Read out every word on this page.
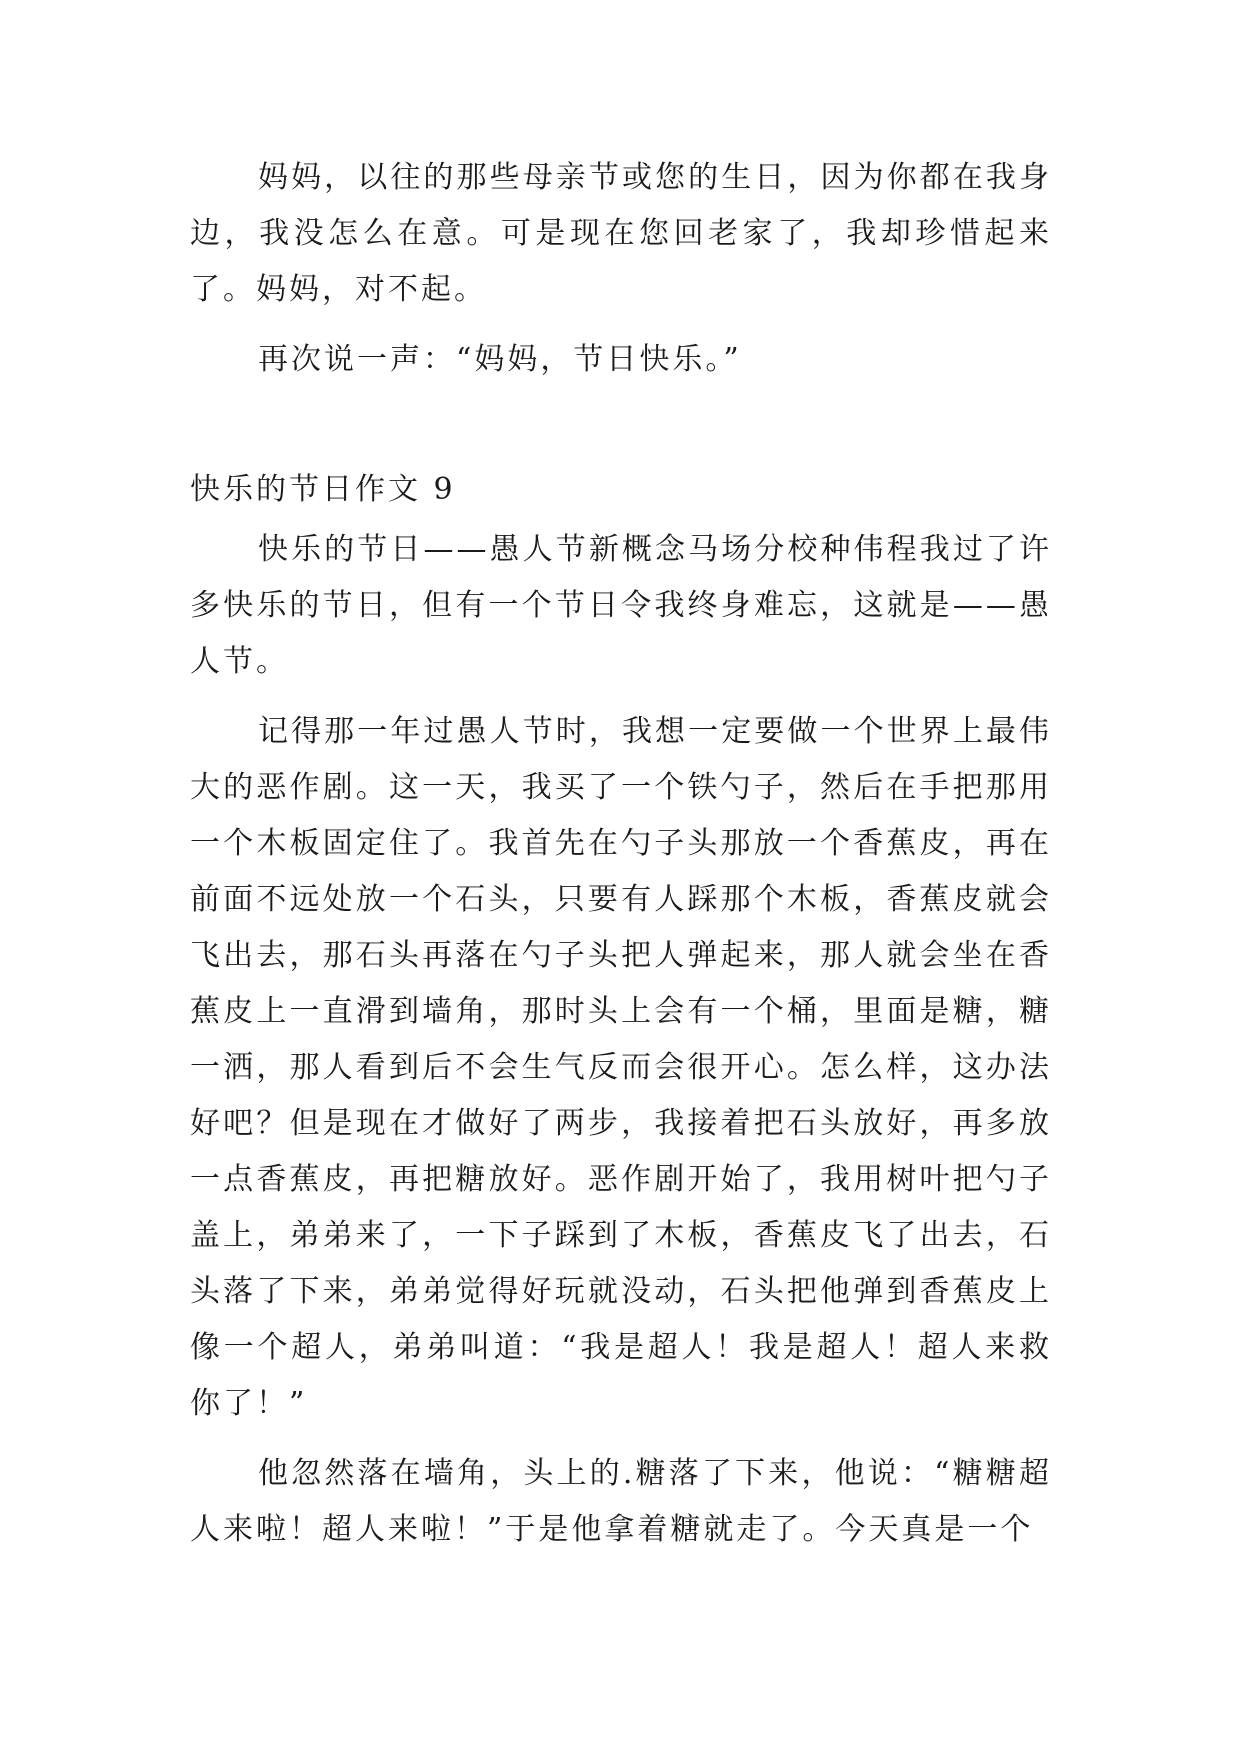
妈妈，以往的那些母亲节或您的生日，因为你都在我身边，我没怎么在意。可是现在您回老家了，我却珍惜起来了。妈妈，对不起。

再次说一声：“妈妈，节日快乐。”

快乐的节日作文 9

快乐的节日——愚人节新概念马场分校种伟程我过了许多快乐的节日，但有一个节日令我终身难忘，这就是——愚人节。

记得那一年过愚人节时，我想一定要做一个世界上最伟大的恶作剧。这一天，我买了一个铁勺子，然后在手把那用一个木板固定住了。我首先在勺子头那放一个香蕉皮，再在前面不远处放一个石头，只要有人踩那个木板，香蕉皮就会飞出去，那石头再落在勺子头把人弹起来，那人就会坐在香蕉皮上一直滑到墙角，那时头上会有一个桶，里面是糖，糖一洒，那人看到后不会生气反而会很开心。怎么样，这办法好吧？但是现在才做好了两步，我接着把石头放好，再多放一点香蕉皮，再把糖放好。恶作剧开始了，我用树叶把勺子盖上，弟弟来了，一下子踩到了木板，香蕉皮飞了出去，石头落了下来，弟弟觉得好玩就没动，石头把他弹到香蕉皮上像一个超人，弟弟叫道：“我是超人！我是超人！超人来救你了！”

他忽然落在墙角，头上的.糖落了下来，他说：“糖糖超人来啦！超人来啦！”于是他拿着糖就走了。今天真是一个
